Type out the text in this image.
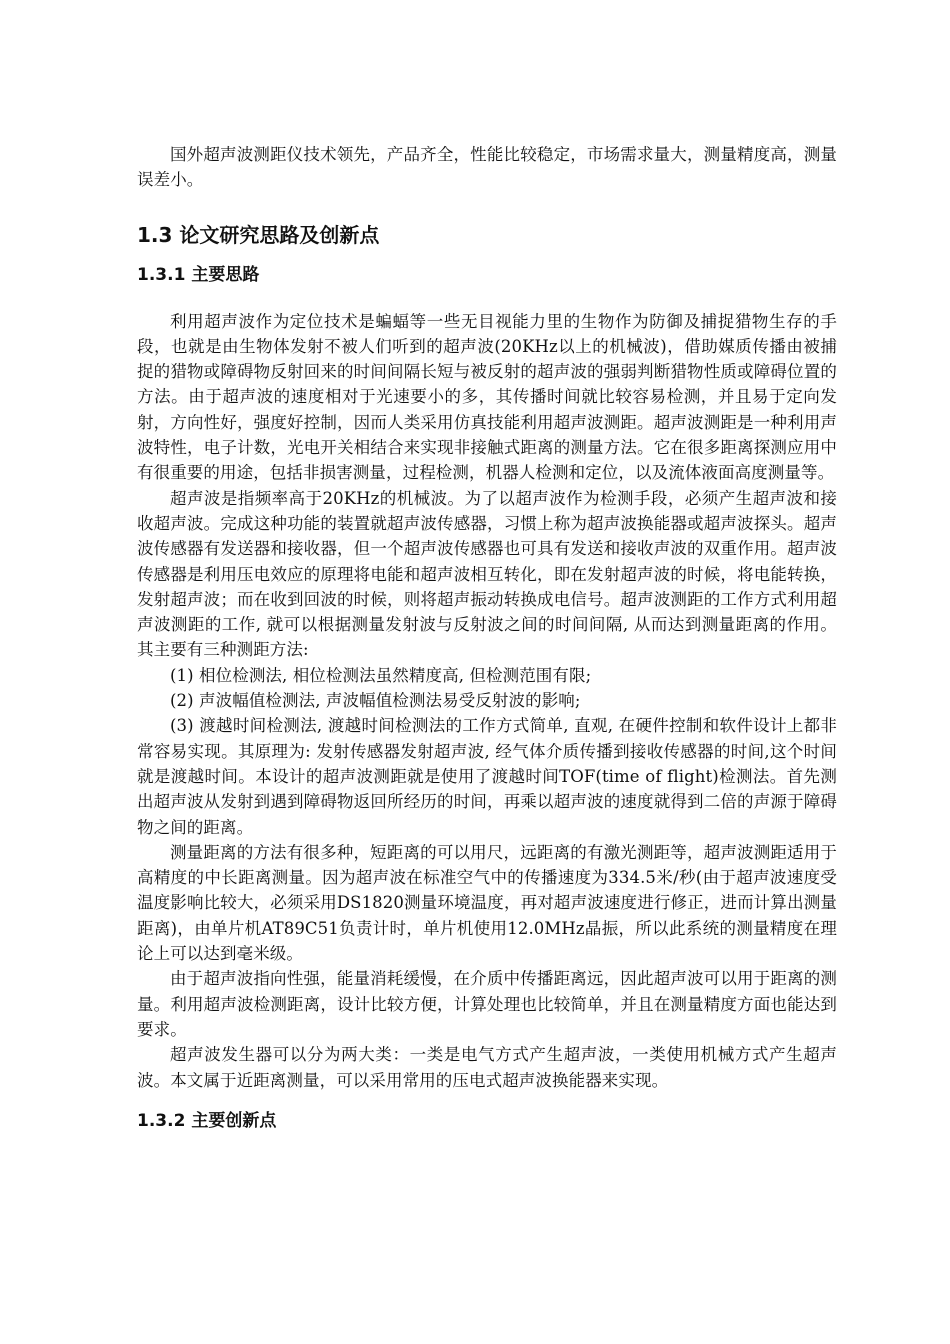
国外超声波测距仪技术领先，产品齐全，性能比较稳定，市场需求量大，测量精度高，测量误差小。

1.3 论文研究思路及创新点
1.3.1 主要思路

利用超声波作为定位技术是蝙蝠等一些无目视能力里的生物作为防御及捕捉猎物生存的手段，也就是由生物体发射不被人们听到的超声波(20KHz以上的机械波)，借助媒质传播由被捕捉的猎物或障碍物反射回来的时间间隔长短与被反射的超声波的强弱判断猎物性质或障碍位置的方法。由于超声波的速度相对于光速要小的多，其传播时间就比较容易检测，并且易于定向发射，方向性好，强度好控制，因而人类采用仿真技能利用超声波测距。超声波测距是一种利用声波特性，电子计数，光电开关相结合来实现非接触式距离的测量方法。它在很多距离探测应用中有很重要的用途，包括非损害测量，过程检测，机器人检测和定位，以及流体液面高度测量等。

超声波是指频率高于20KHz的机械波。为了以超声波作为检测手段，必须产生超声波和接收超声波。完成这种功能的装置就超声波传感器，习惯上称为超声波换能器或超声波探头。超声波传感器有发送器和接收器，但一个超声波传感器也可具有发送和接收声波的双重作用。超声波传感器是利用压电效应的原理将电能和超声波相互转化，即在发射超声波的时候，将电能转换，发射超声波；而在收到回波的时候，则将超声振动转换成电信号。超声波测距的工作方式利用超声波测距的工作, 就可以根据测量发射波与反射波之间的时间间隔, 从而达到测量距离的作用。其主要有三种测距方法:

(1) 相位检测法, 相位检测法虽然精度高, 但检测范围有限;

(2) 声波幅值检测法, 声波幅值检测法易受反射波的影响;

(3) 渡越时间检测法, 渡越时间检测法的工作方式简单, 直观, 在硬件控制和软件设计上都非常容易实现。其原理为: 发射传感器发射超声波, 经气体介质传播到接收传感器的时间,这个时间就是渡越时间。本设计的超声波测距就是使用了渡越时间TOF(time of flight)检测法。首先测出超声波从发射到遇到障碍物返回所经历的时间，再乘以超声波的速度就得到二倍的声源于障碍物之间的距离。

测量距离的方法有很多种，短距离的可以用尺，远距离的有激光测距等，超声波测距适用于高精度的中长距离测量。因为超声波在标准空气中的传播速度为334.5米/秒(由于超声波速度受温度影响比较大，必须采用DS1820测量环境温度，再对超声波速度进行修正，进而计算出测量距离)，由单片机AT89C51负责计时，单片机使用12.0MHz晶振，所以此系统的测量精度在理论上可以达到毫米级。

由于超声波指向性强，能量消耗缓慢，在介质中传播距离远，因此超声波可以用于距离的测量。利用超声波检测距离，设计比较方便，计算处理也比较简单，并且在测量精度方面也能达到要求。

超声波发生器可以分为两大类：一类是电气方式产生超声波，一类使用机械方式产生超声波。本文属于近距离测量，可以采用常用的压电式超声波换能器来实现。

1.3.2 主要创新点
